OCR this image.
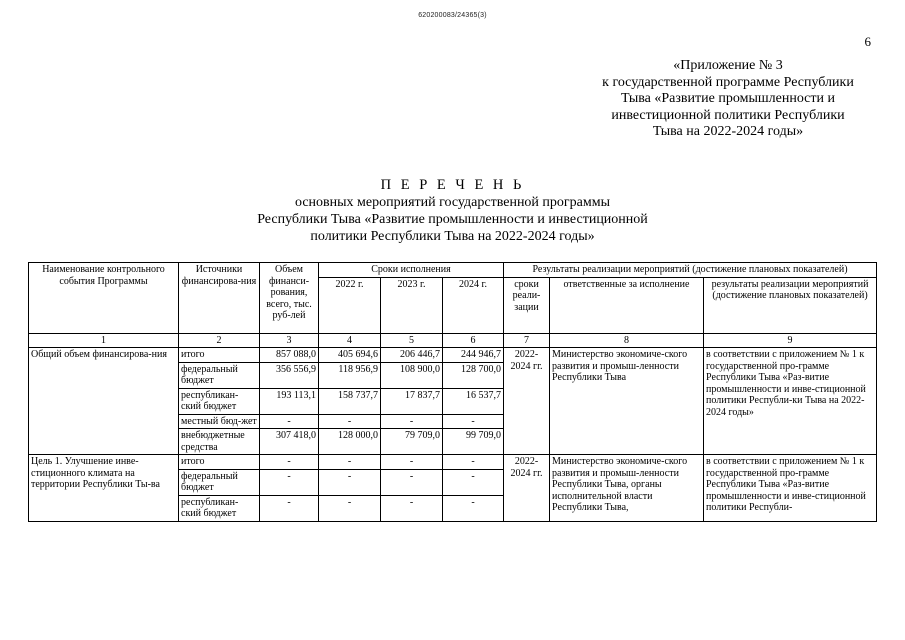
620200083/24365(3)
6
«Приложение № 3
к государственной программе Республики
Тыва «Развитие промышленности и
инвестиционной политики Республики
Тыва на 2022-2024 годы»
П Е Р Е Ч Е Н Ь
основных мероприятий государственной программы
Республики Тыва «Развитие промышленности и инвестиционной
политики Республики Тыва на 2022-2024 годы»
Наименование контрольного события Программы	Источники финансирова-ния	Объем финанси-рования, всего, тыс. руб-лей	Сроки исполнения			Результаты реализации мероприятий (достижение плановых показателей)		
			2022 г.	2023 г.	2024 г.	сроки реали-зации	ответственные за исполнение	результаты реализации мероприятий (достижение плановых показателей)
1	2	3	4	5	6	7	8	9
Общий объем финансирова-ния	итого	857 088,0	405 694,6	206 446,7	244 946,7	2022-2024 гг.	Министерство экономиче-ского развития и промыш-ленности Республики Тыва	в соответствии с приложением № 1 к государственной про-грамме Республики Тыва «Раз-витие промышленности и инве-стиционной политики Республи-ки Тыва на 2022-2024 годы»
	федеральный бюджет	356 556,9	118 956,9	108 900,0	128 700,0			
	республикан-ский бюджет	193 113,1	158 737,7	17 837,7	16 537,7			
	местный бюд-жет	-	-	-	-			
	внебюджетные средства	307 418,0	128 000,0	79 709,0	99 709,0			
Цель 1. Улучшение инве-стиционного климата на территории Республики Ты-ва	итого	-	-	-	-	2022-2024 гг.	Министерство экономиче-ского развития и промыш-ленности Республики Тыва, органы исполнительной власти Республики Тыва,	в соответствии с приложением № 1 к государственной про-грамме Республики Тыва «Раз-витие промышленности и инве-стиционной политики Республи-
	федеральный бюджет	-	-	-	-			
	республикан-ский бюджет	-	-	-	-			
